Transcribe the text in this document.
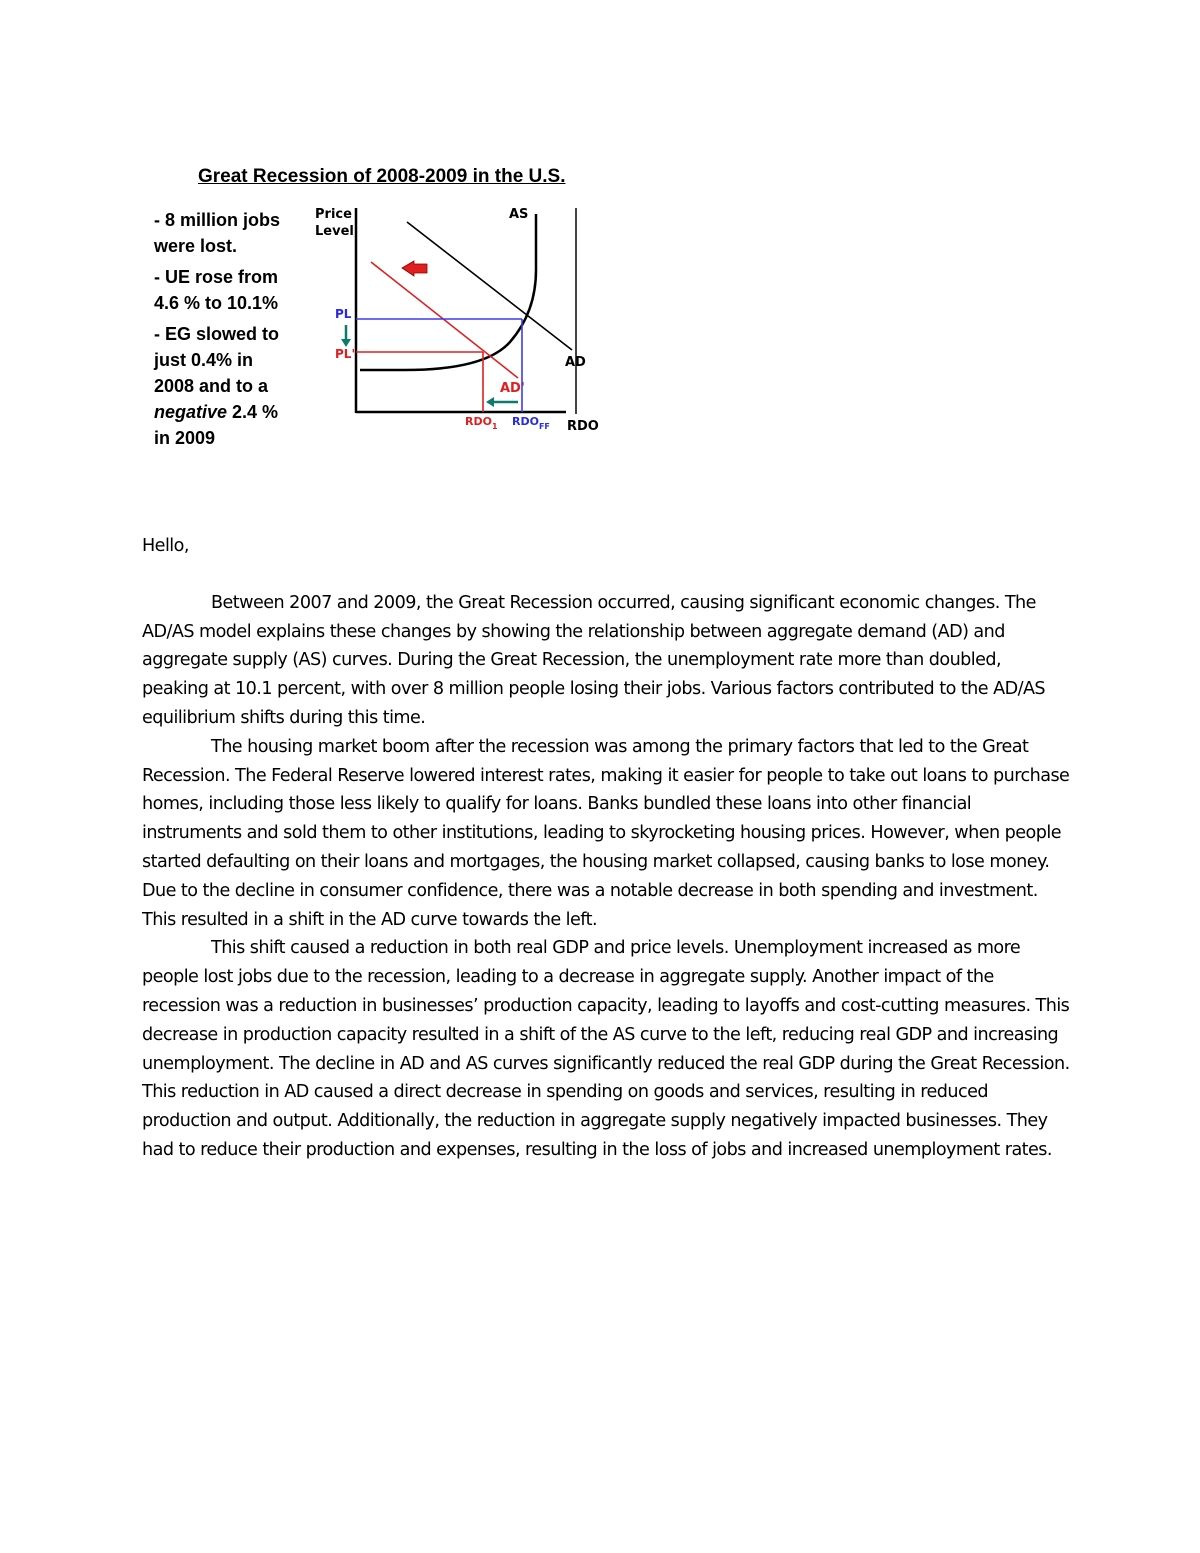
Great Recession of 2008-2009 in the U.S.
- 8 million jobs
were lost.
- UE rose from
4.6 % to 10.1%
- EG slowed to
just 0.4% in
2008 and to a
negative 2.4 %
in 2009
Price
Level
RDO
AS
AD
AD'
PL
PL'
$RDO_1$ $RDO_{FF}$

Hello,

Between 2007 and 2009, the Great Recession occurred, causing significant economic changes. The AD/AS model explains these changes by showing the relationship between aggregate demand (AD) and aggregate supply (AS) curves. During the Great Recession, the unemployment rate more than doubled, peaking at 10.1 percent, with over 8 million people losing their jobs. Various factors contributed to the AD/AS equilibrium shifts during this time.

The housing market boom after the recession was among the primary factors that led to the Great Recession. The Federal Reserve lowered interest rates, making it easier for people to take out loans to purchase homes, including those less likely to qualify for loans. Banks bundled these loans into other financial instruments and sold them to other institutions, leading to skyrocketing housing prices. However, when people started defaulting on their loans and mortgages, the housing market collapsed, causing banks to lose money. Due to the decline in consumer confidence, there was a notable decrease in both spending and investment. This resulted in a shift in the AD curve towards the left.

This shift caused a reduction in both real GDP and price levels. Unemployment increased as more people lost jobs due to the recession, leading to a decrease in aggregate supply. Another impact of the recession was a reduction in businesses’ production capacity, leading to layoffs and cost-cutting measures. This decrease in production capacity resulted in a shift of the AS curve to the left, reducing real GDP and increasing unemployment. The decline in AD and AS curves significantly reduced the real GDP during the Great Recession. This reduction in AD caused a direct decrease in spending on goods and services, resulting in reduced production and output. Additionally, the reduction in aggregate supply negatively impacted businesses. They had to reduce their production and expenses, resulting in the loss of jobs and increased unemployment rates.
